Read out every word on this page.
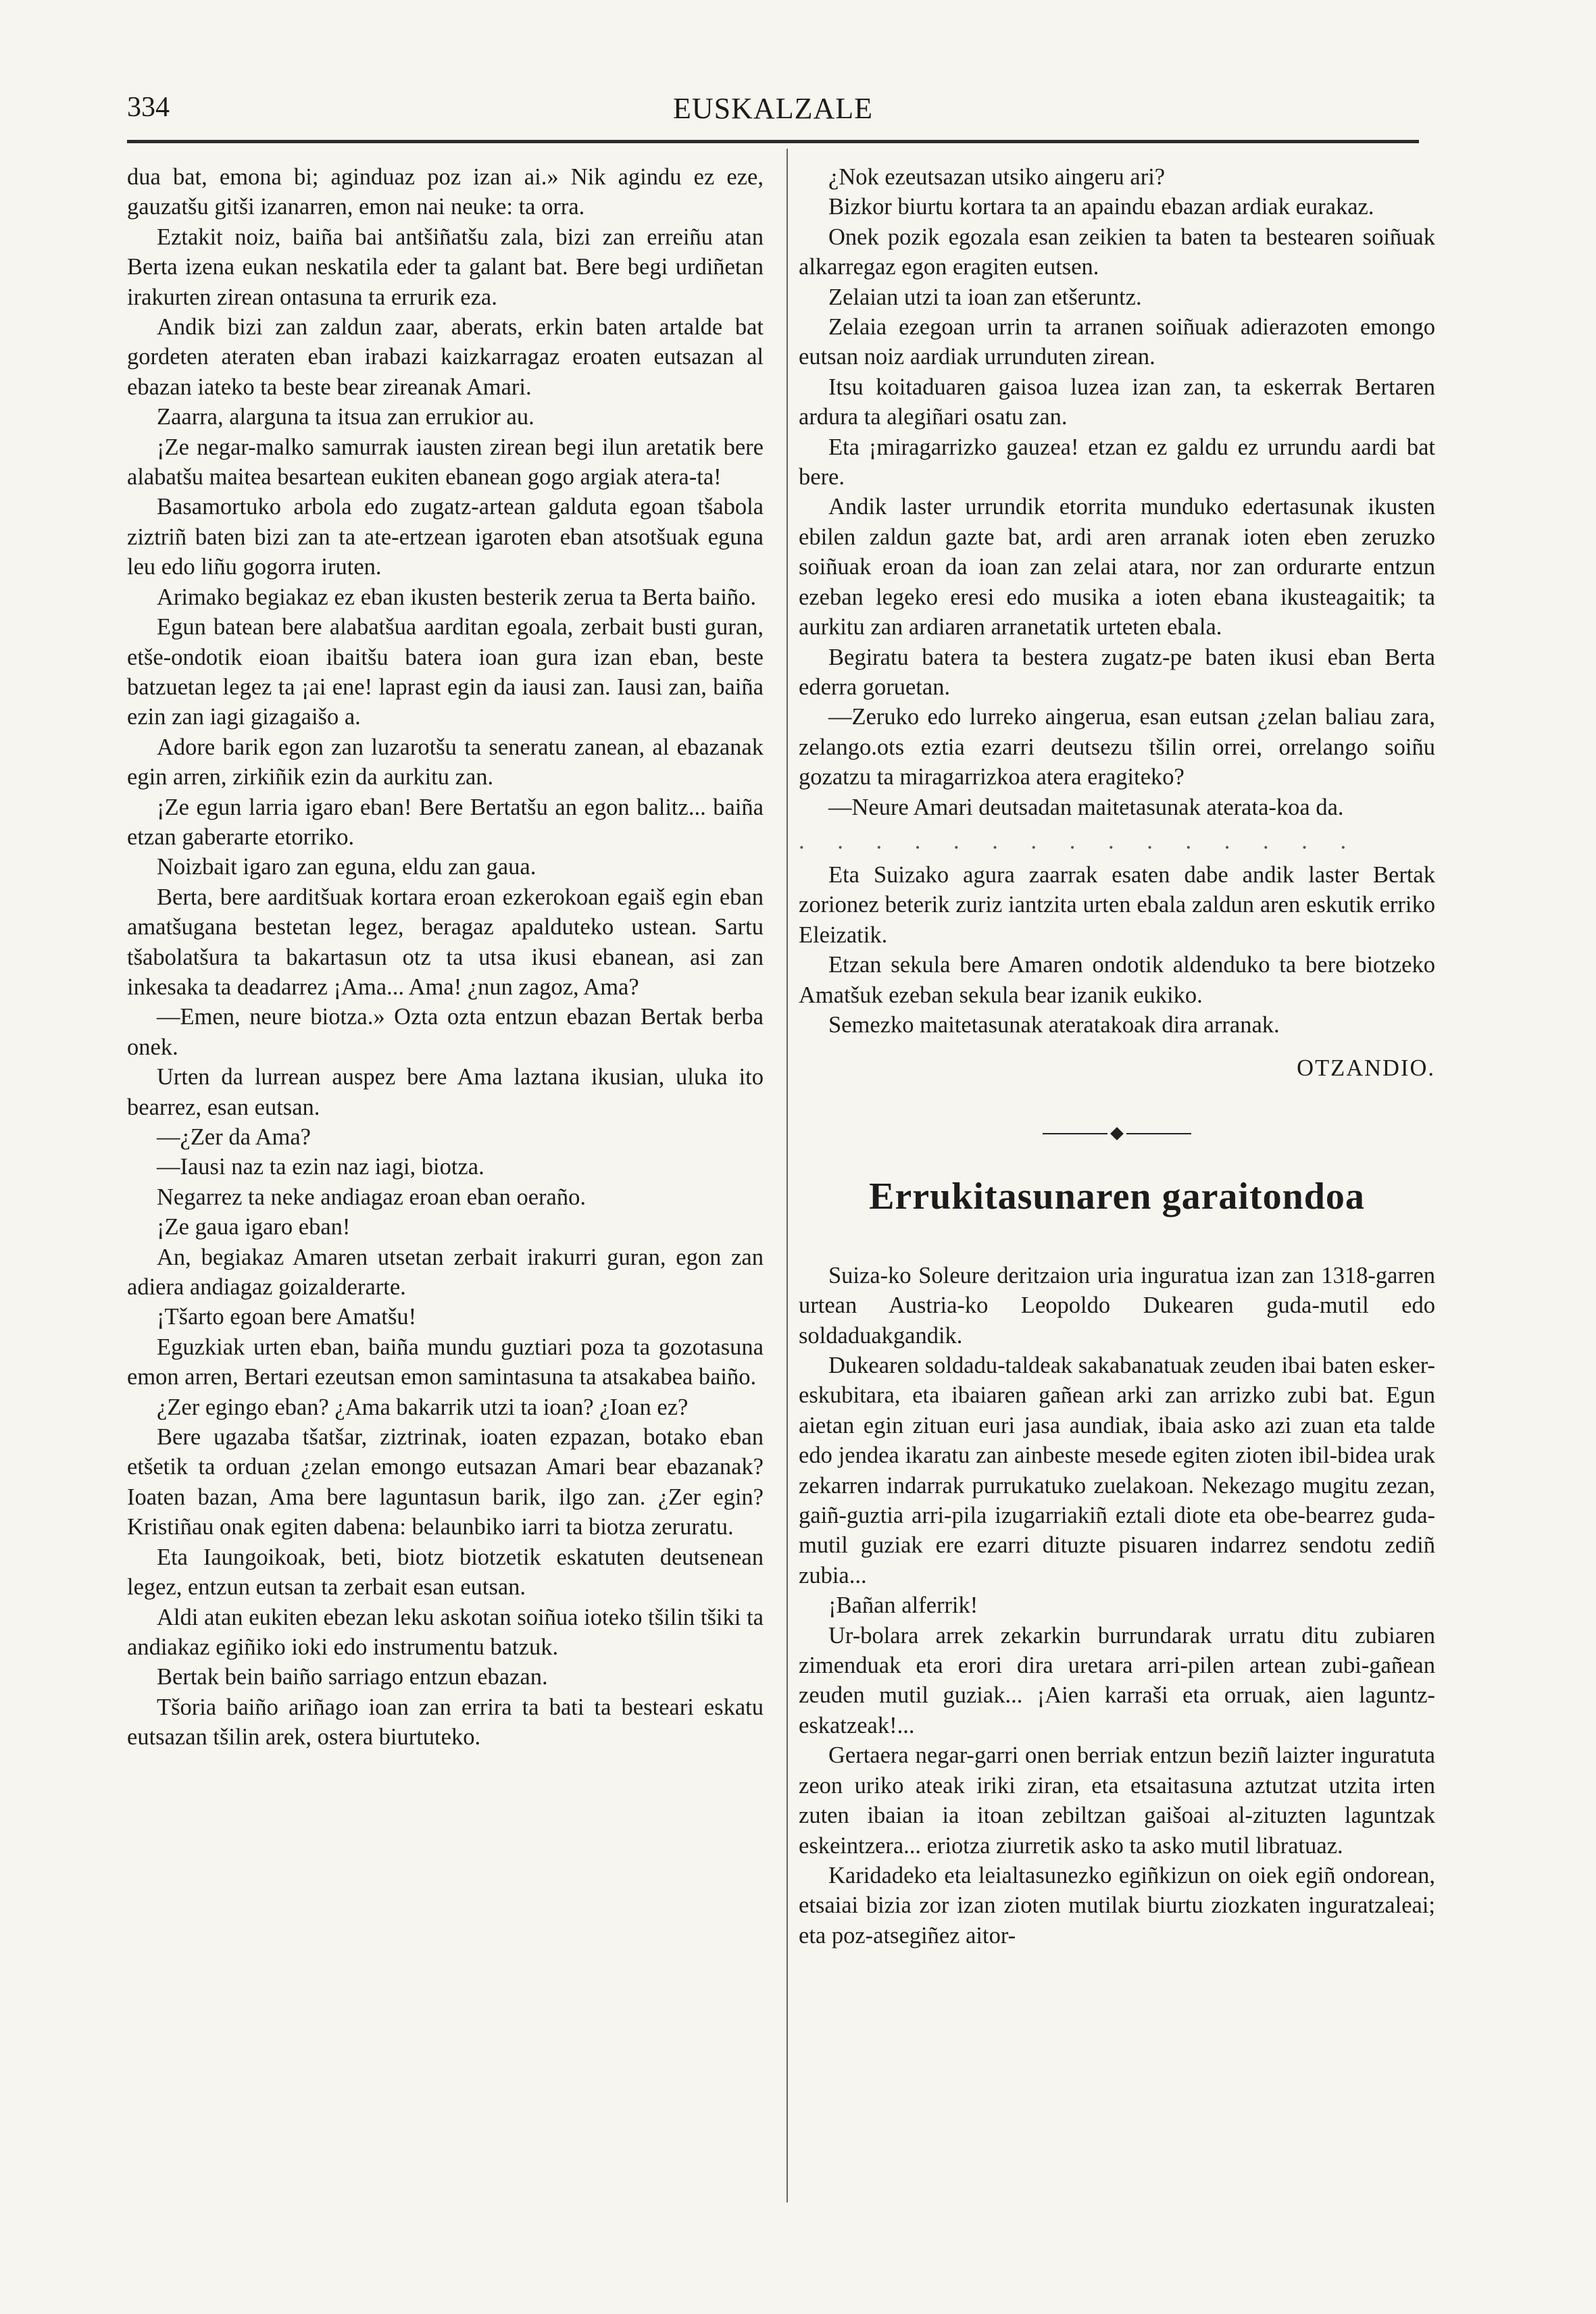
334	EUSKALZALE

dua bat, emona bi; aginduaz poz izan ai.» Nik agindu ez eze, gauzatšu gitši izanarren, emon nai neuke: ta orra.

Eztakit noiz, baiña bai antšiñatšu zala, bizi zan erreiñu atan Berta izena eukan neskatila eder ta galant bat. Bere begi urdiñetan irakurten zirean ontasuna ta errurik eza.

Andik bizi zan zaldun zaar, aberats, erkin baten artalde bat gordeten ateraten eban irabazi kaizkarragaz eroaten eutsazan al ebazan iateko ta beste bear zireanak Amari.

Zaarra, alarguna ta itsua zan errukior au.

¡Ze negar-malko samurrak iausten zirean begi ilun aretatik bere alabatšu maitea besartean eukiten ebanean gogo argiak atera-ta!

Basamortuko arbola edo zugatz-artean galduta egoan tšabola ziztriñ baten bizi zan ta ate-ertzean igaroten eban atsotšuak eguna leu edo liñu gogorra iruten.

Arimako begiakaz ez eban ikusten besterik zerua ta Berta baiño.

Egun batean bere alabatšua aarditan egoala, zerbait busti guran, etše-ondotik eioan ibaitšu batera ioan gura izan eban, beste batzuetan legez ta ¡ai ene! laprast egin da iausi zan. Iausi zan, baiña ezin zan iagi gizagaišo a.

Adore barik egon zan luzarotšu ta seneratu zanean, al ebazanak egin arren, zirkiñik ezin da aurkitu zan.

¡Ze egun larria igaro eban! Bere Bertatšu an egon balitz... baiña etzan gaberarte etorriko.

Noizbait igaro zan eguna, eldu zan gaua.

Berta, bere aarditšuak kortara eroan ezkerokoan egaiš egin eban amatšugana bestetan legez, beragaz apalduteko ustean. Sartu tšabolatšura ta bakartasun otz ta utsa ikusi ebanean, asi zan inkesaka ta deadarrez ¡Ama... Ama! ¿nun zagoz, Ama?

—Emen, neure biotza.» Ozta ozta entzun ebazan Bertak berba onek.

Urten da lurrean auspez bere Ama laztana ikusian, uluka ito bearrez, esan eutsan.

—¿Zer da Ama?

—Iausi naz ta ezin naz iagi, biotza.

Negarrez ta neke andiagaz eroan eban oeraño.

¡Ze gaua igaro eban!

An, begiakaz Amaren utsetan zerbait irakurri guran, egon zan adiera andiagaz goizalderarte.

¡Tšarto egoan bere Amatšu!

Eguzkiak urten eban, baiña mundu guztiari poza ta gozotasuna emon arren, Bertari ezeutsan emon samintasuna ta atsakabea baiño.

¿Zer egingo eban? ¿Ama bakarrik utzi ta ioan? ¿Ioan ez?

Bere ugazaba tšatšar, ziztrinak, ioaten ezpazan, botako eban etšetik ta orduan ¿zelan emongo eutsazan Amari bear ebazanak? Ioaten bazan, Ama bere laguntasun barik, ilgo zan. ¿Zer egin? Kristiñau onak egiten dabena: belaunbiko iarri ta biotza zeruratu.

Eta Iaungoikoak, beti, biotz biotzetik eskatuten deutsenean legez, entzun eutsan ta zerbait esan eutsan.

Aldi atan eukiten ebezan leku askotan soiñua ioteko tšilin tšiki ta andiakaz egiñiko ioki edo instrumentu batzuk.

Bertak bein baiño sarriago entzun ebazan.

Tšoria baiño ariñago ioan zan errira ta bati ta besteari eskatu eutsazan tšilin arek, ostera biurtuteko.

¿Nok ezeutsazan utsiko aingeru ari?

Bizkor biurtu kortara ta an apaindu ebazan ardiak eurakaz.

Onek pozik egozala esan zeikien ta baten ta bestearen soiñuak alkarregaz egon eragiten eutsen.

Zelaian utzi ta ioan zan etšeruntz.

Zelaia ezegoan urrin ta arranen soiñuak adierazoten emongo eutsan noiz aardiak urrunduten zirean.

Itsu koitaduaren gaisoa luzea izan zan, ta eskerrak Bertaren ardura ta alegiñari osatu zan.

Eta ¡miragarrizko gauzea! etzan ez galdu ez urrundu aardi bat bere.

Andik laster urrundik etorrita munduko edertasunak ikusten ebilen zaldun gazte bat, ardi aren arranak ioten eben zeruzko soiñuak eroan da ioan zan zelai atara, nor zan ordurarte entzun ezeban legeko eresi edo musika a ioten ebana ikusteagaitik; ta aurkitu zan ardiaren arranetatik urteten ebala.

Begiratu batera ta bestera zugatz-pe baten ikusi eban Berta ederra goruetan.

—Zeruko edo lurreko aingerua, esan eutsan ¿zelan baliau zara, zelango.ots eztia ezarri deutsezu tšilin orrei, orrelango soiñu gozatzu ta miragarrizkoa atera eragiteko?

—Neure Amari deutsadan maitetasunak aterata-koa da.

. . . . . . . . . . . . . . .

Eta Suizako agura zaarrak esaten dabe andik laster Bertak zorionez beterik zuriz iantzita urten ebala zaldun aren eskutik erriko Eleizatik.

Etzan sekula bere Amaren ondotik aldenduko ta bere biotzeko Amatšuk ezeban sekula bear izanik eukiko.

Semezko maitetasunak ateratakoak dira arranak.

OTZANDIO.

Errukitasunaren garaitondoa

Suiza-ko Soleure deritzaion uria inguratua izan zan 1318-garren urtean Austria-ko Leopoldo Dukearen guda-mutil edo soldaduakgandik.

Dukearen soldadu-taldeak sakabanatuak zeuden ibai baten esker-eskubitara, eta ibaiaren gañean arki zan arrizko zubi bat. Egun aietan egin zituan euri jasa aundiak, ibaia asko azi zuan eta talde edo jendea ikaratu zan ainbeste mesede egiten zioten ibil-bidea urak zekarren indarrak purrukatuko zuelakoan. Nekezago mugitu zezan, gaiñ-guztia arri-pila izugarriakiñ eztali diote eta obe-bearrez guda-mutil guziak ere ezarri dituzte pisuaren indarrez sendotu zediñ zubia...

¡Bañan alferrik!

Ur-bolara arrek zekarkin burrundarak urratu ditu zubiaren zimenduak eta erori dira uretara arri-pilen artean zubi-gañean zeuden mutil guziak... ¡Aien karraši eta orruak, aien laguntz-eskatzeak!...

Gertaera negar-garri onen berriak entzun beziñ laizter inguratuta zeon uriko ateak iriki ziran, eta etsaitasuna aztutzat utzita irten zuten ibaian ia itoan zebiltzan gaišoai al-zituzten laguntzak eskeintzera... eriotza ziurretik asko ta asko mutil libratuaz.

Karidadeko eta leialtasunezko egiñkizun on oiek egiñ ondorean, etsaiai bizia zor izan zioten mutilak biurtu ziozkaten inguratzaleai; eta poz-atsegiñez aitor-
